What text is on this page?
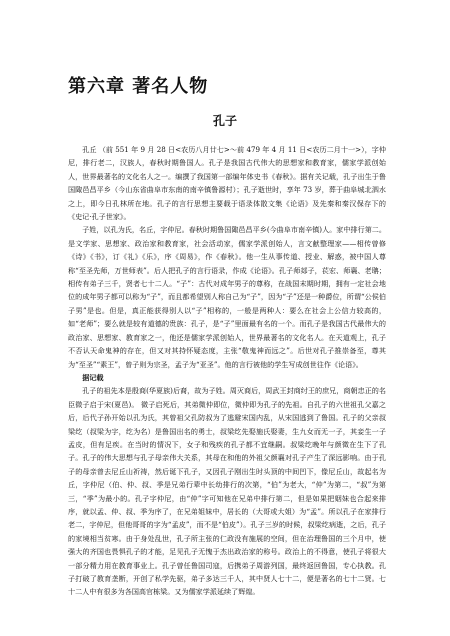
第六章 著名人物
孔子

孔丘 （前 551 年 9 月 28 日<农历八月廿七>～前 479 年 4 月 11 日<农历二月十一>），字仲尼，排行老二，汉族人，春秋时期鲁国人。孔子是我国古代伟大的思想家和教育家，儒家学派创始人，世界最著名的文化名人之一。编撰了我国第一部编年体史书《春秋》。据有关记载，孔子出生于鲁国陬邑昌平乡（今山东省曲阜市东南的南辛镇鲁源村）；孔子逝世时，享年 73 岁，葬于曲阜城北泗水之上，即今日孔林所在地。孔子的言行思想主要载于语录体散文集《论语》及先秦和秦汉保存下的《史记·孔子世家》。

子姓，以孔为氏，名丘，字仲尼。春秋时期鲁国陬邑昌平乡(今曲阜市南辛镇)人。家中排行第二。是文学家、思想家、政治家和教育家，社会活动家，儒家学派创始人，言文献整理家——相传曾修《诗》《书》，订《礼》《乐》，序《周易》，作《春秋》。他一生从事传道、授业、解惑，被中国人尊称“至圣先师，万世师表”。后人把孔子的言行语录，作成《论语》。孔子师郯子，苌宏、师襄、老聃；相传有弟子三千，贤者七十二人。“子”：古代对成年男子的尊称，在战国末期时期，拥有一定社会地位的成年男子都可以称为“子”，而且都希望别人称自己为“子”，因为“子”还是一种爵位，所谓“公侯伯子男”是也。但是，真正能获得别人以“子”相称的，一般是两种人：要么在社会上公信力较高的，如“老师”；要么就是较有道德的贵族：孔子，是“子”里面最有名的一个。而孔子是我国古代最伟大的政治家、思想家、教育家之一，他还是儒家学派创始人，世界最著名的文化名人。在天道观上，孔子不否认天命鬼神的存在，但又对其持怀疑态度，主张“敬鬼神而远之”。后世对孔子推崇备至，尊其为“至圣”“素王”，曾子则为宗圣，孟子为“亚圣”。他的言行被他的学生写成创世往作《论语》。

据记载

孔子的祖先本是殷商(华夏族)后裔，故为子姓。周灭商后，周武王封商纣王的庶兄，商朝忠正的名臣微子启于宋(夏邑)。 微子启死后，其弟微仲即位，微仲即为孔子的先祖。自孔子的六世祖孔父嘉之后，后代子孙开始以孔为氏，其曾祖父孔防叔为了逃避宋国内乱，从宋国逃到了鲁国。孔子的父亲叔梁纥（叔梁为字，纥为名）是鲁国出名的勇士，叔梁纥先娶施氏娶妻，生九女而无一子，其妾生一子孟皮，但有足疾。在当时的情况下，女子和残疾的孔子都不宜继嗣。叔梁纥晚年与颜徵在生下了孔子。孔子的伟大思想与孔子母亲伟大关系，其母在和他的外祖父颜襄对孔子产生了深远影响。由于孔子的母亲曾去尼丘山祈祷，然后诞下孔子，又因孔子刚出生时头顶的中间凹下，像尼丘山，故起名为丘，字仲尼（伯、仲、叔、季是兄弟行辈中长幼排行的次第，“伯”为老大，“仲”为第二，“叔”为第三，“季”为最小的。孔子字仲尼，由“仲”字可知他在兄弟中排行第二，但是如果把姻妹也合起来排序，就以孟、仲、叔、季为序了，在兄弟姐妹中，居长的（大哥或大姐）为“孟”。所以孔子在家排行老二，字仲尼，但他哥哥的字为“孟皮”，而不是“伯皮”）。孔子三岁的时候，叔梁纥病逝，之后，孔子的家境相当贫寒。由于身处乱世，孔子所主张的仁政没有施展的空间，但在治理鲁国的三个月中，使强大的齐国也畏惧孔子的才能，足见孔子无愧于杰出政治家的称号。政治上的不得意，使孔子将很大一部分精力用在教育事业上。孔子曾任鲁国司寇，后携弟子周游列国，最终返回鲁国，专心执教。孔子打破了教育垄断，开创了私学先驱，弟子多达三千人，其中贤人七十二，便是著名的七十二贤。七十二人中有很多为各国高官栋梁。又为儒家学派延续了辉煌。
